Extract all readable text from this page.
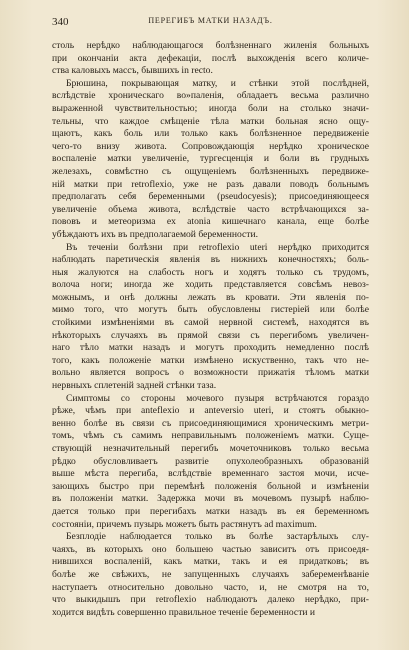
340	ПЕРЕГИБЪ МАТКИ НАЗАДЪ.

столь нерѣдко наблюдающагося болѣзненнаго жиленія больныхъ
при окончаніи акта дефекаціи, послѣ выхожденія всего количе-
ства каловыхъ массъ, бывшихъ in recto.

Брюшина, покрывающая матку, и стѣнки этой послѣдней,
вслѣдствіе хроническаго во»паленія, обладаетъ весьма различно
выраженной чувствительностью; иногда боли на столько значи-
тельны, что каждое смѣщеніе тѣла матки больная ясно ощу-
щаютъ, какъ боль или только какъ болѣзненное передвиженіе
чего-то внизу живота. Сопровождающія нерѣдко хроническое
воспаленіе матки увеличеніе, тургесценція и боли въ грудныхъ
железахъ, совмѣстно съ ощущеніемъ болѣзненныхъ передвиже-
ній матки при retroflexio, уже не разъ давали поводъ больнымъ
предполагать себя беременными (pseudocyesis); присоединяющееся
увеличеніе объема живота, вслѣдствіе часто встрѣчающихся за-
пововъ и метеоризма ex atonia кишечнаго канала, еще болѣе
убѣждаютъ ихъ въ предполагаемой беременности.

Въ теченіи болѣзни при retroflexio uteri нерѣдко приходится
наблюдать паретическія явленія въ нижнихъ конечностяхъ; боль-
ныя жалуются на слабость ногъ и ходятъ только съ трудомъ,
волоча ноги; иногда же ходить представляется совсѣмъ невоз-
можнымъ, и онѣ должны лежать въ кровати. Эти явленія по-
мимо того, что могутъ быть обусловлены гистеріей или болѣе
стойкими измѣненіями въ самой нервной системѣ, находятся въ
нѣкоторыхъ случаяхъ въ прямой связи съ перегибомъ увеличен-
наго тѣло матки назадъ и могутъ проходить немедленно послѣ
того, какъ положеніе матки измѣнено искуственно, такъ что не-
вольно является вопросъ о возможности прижатія тѣломъ матки
нервныхъ сплетеній задней стѣнки таза.

Симптомы со стороны мочевого пузыря встрѣчаются гораздо
рѣже, чѣмъ при anteflexio и anteversio uteri, и стоятъ обыкно-
венно болѣе въ связи съ присоединяющимися хроническимъ метри-
томъ, чѣмъ съ самимъ неправильнымъ положеніемъ матки. Суще-
ствующій незначительный перегибъ мочеточниковъ только весьма
рѣдко обусловливаетъ развитіе опухолеобразныхъ образованій
выше мѣста перегиба, вслѣдствіе временнаго застоя мочи, исче-
зающихъ быстро при перемѣнѣ положенія больной и измѣненіи
въ положеніи матки. Задержка мочи въ мочевомъ пузырѣ наблю-
дается только при перегибахъ матки назадъ въ ея беременномъ
состояніи, причемъ пузырь можетъ быть растянутъ ad maximum.

Безплодіе наблюдается только въ болѣе застарѣлыхъ слу-
чаяхъ, въ которыхъ оно большею частью зависитъ отъ присоедя-
нившихся воспаленій, какъ матки, такъ и ея придатковъ; въ
болѣе же свѣжихъ, не запущенныхъ случаяхъ забеременѣваніе
наступаетъ относительно довольно часто, и, не смотря на то,
что выкидышъ при retroflexio наблюдаютъ далеко нерѣдко, при-
ходится видѣть совершенно правильное теченіе беременности и
